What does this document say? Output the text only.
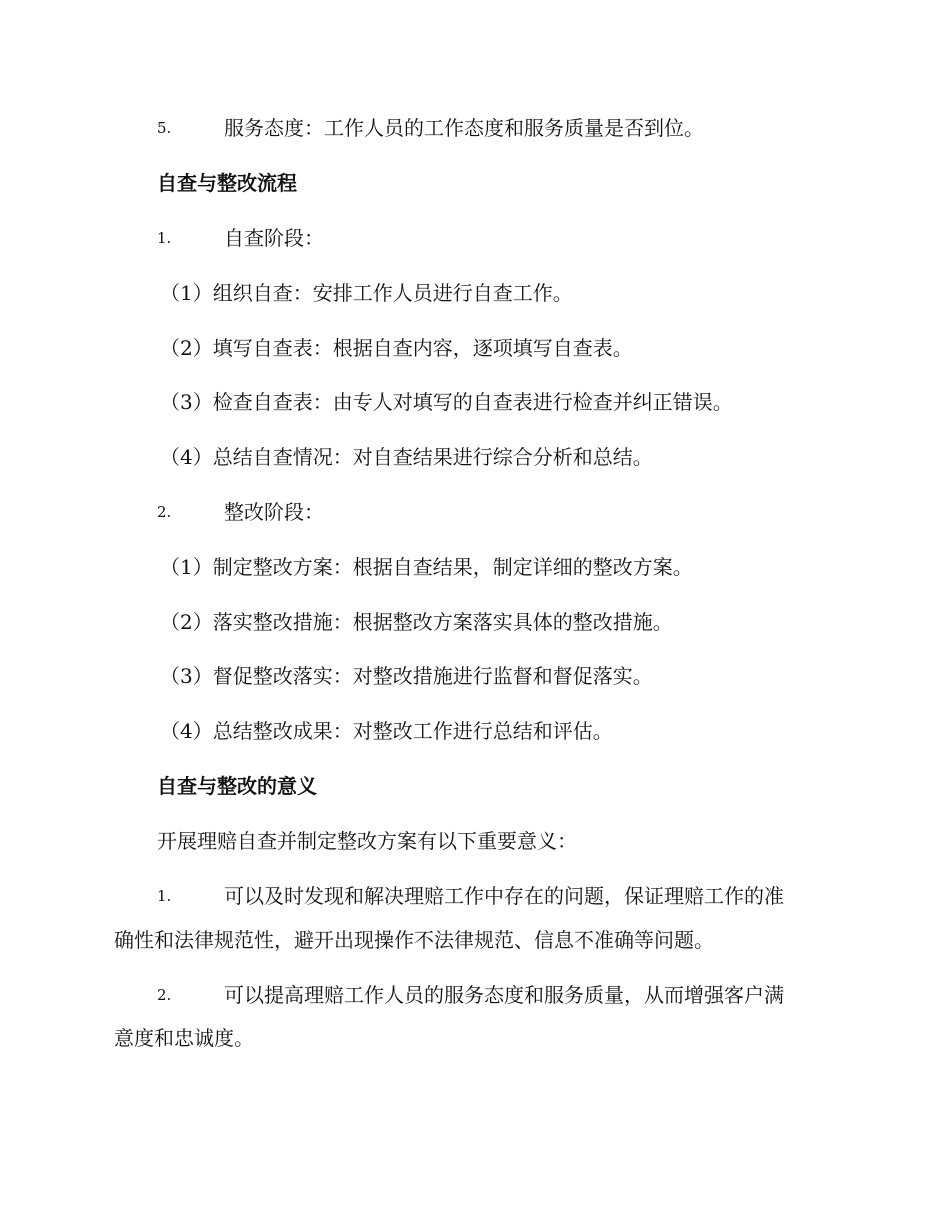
5.	服务态度：工作人员的工作态度和服务质量是否到位。
自查与整改流程
1.	自查阶段：
（1）组织自查：安排工作人员进行自查工作。
（2）填写自查表：根据自查内容，逐项填写自查表。
（3）检查自查表：由专人对填写的自查表进行检查并纠正错误。
（4）总结自查情况：对自查结果进行综合分析和总结。
2.	整改阶段：
（1）制定整改方案：根据自查结果，制定详细的整改方案。
（2）落实整改措施：根据整改方案落实具体的整改措施。
（3）督促整改落实：对整改措施进行监督和督促落实。
（4）总结整改成果：对整改工作进行总结和评估。
自查与整改的意义
开展理赔自查并制定整改方案有以下重要意义：
1.	可以及时发现和解决理赔工作中存在的问题，保证理赔工作的准
确性和法律规范性，避开出现操作不法律规范、信息不准确等问题。
2.	可以提高理赔工作人员的服务态度和服务质量，从而增强客户满
意度和忠诚度。
